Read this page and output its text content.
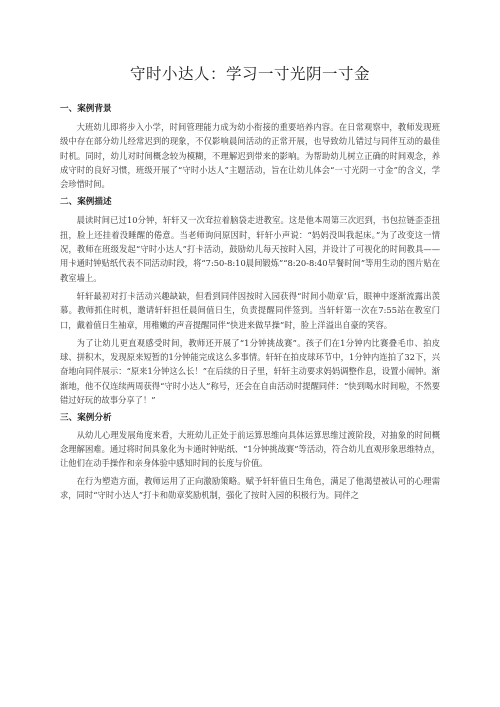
守时小达人：学习一寸光阴一寸金
一、案例背景

大班幼儿即将步入小学，时间管理能力成为幼小衔接的重要培养内容。在日常观察中，教师发现班级中存在部分幼儿经常迟到的现象，不仅影响晨间活动的正常开展，也导致幼儿错过与同伴互动的最佳时机。同时，幼儿对时间概念较为模糊，不理解迟到带来的影响。为帮助幼儿树立正确的时间观念，养成守时的良好习惯，班级开展了“守时小达人”主题活动，旨在让幼儿体会“一寸光阴一寸金”的含义，学会珍惜时间。

二、案例描述

晨读时间已过10分钟，轩轩又一次耷拉着脑袋走进教室。这是他本周第三次迟到，书包拉链歪歪扭扭，脸上还挂着没睡醒的倦意。当老师询问原因时，轩轩小声说：“妈妈没叫我起床。”为了改变这一情况，教师在班级发起“守时小达人”打卡活动，鼓励幼儿每天按时入园，并设计了可视化的时间教具——用卡通时钟贴纸代表不同活动时段，将“7:50-8:10晨间锻炼”“8:20-8:40早餐时间”等用生动的图片贴在教室墙上。

轩轩最初对打卡活动兴趣缺缺，但看到同伴因按时入园获得“时间小勋章’后，眼神中逐渐流露出羡慕。教师抓住时机，邀请轩轩担任晨间值日生，负责提醒同伴签到。当轩轩第一次在7:55站在教室门口，戴着值日生袖章，用稚嫩的声音提醒同伴“快进来做早操”时，脸上洋溢出自豪的笑容。

为了让幼儿更直观感受时间，教师还开展了“1分钟挑战赛”。孩子们在1分钟内比赛叠毛巾、拍皮球、拼积木，发现原来短暂的1分钟能完成这么多事情。轩轩在拍皮球环节中，1分钟内连拍了32下，兴奋地向同伴展示：“原来1分钟这么长！”在后续的日子里，轩轩主动要求妈妈调整作息，设置小闹钟。渐渐地，他不仅连续两周获得“守时小达人”称号，还会在自由活动时提醒同伴：“快到喝水时间啦，不然要错过好玩的故事分享了！”

三、案例分析

从幼儿心理发展角度来看，大班幼儿正处于前运算思维向具体运算思维过渡阶段，对抽象的时间概念理解困难。通过将时间具象化为卡通时钟贴纸、“1分钟挑战赛”等活动，符合幼儿直观形象思维特点，让他们在动手操作和亲身体验中感知时间的长度与价值。

在行为塑造方面，教师运用了正向激励策略。赋予轩轩值日生角色，满足了他渴望被认可的心理需求，同时“守时小达人”打卡和勋章奖励机制，强化了按时入园的积极行为。同伴之
